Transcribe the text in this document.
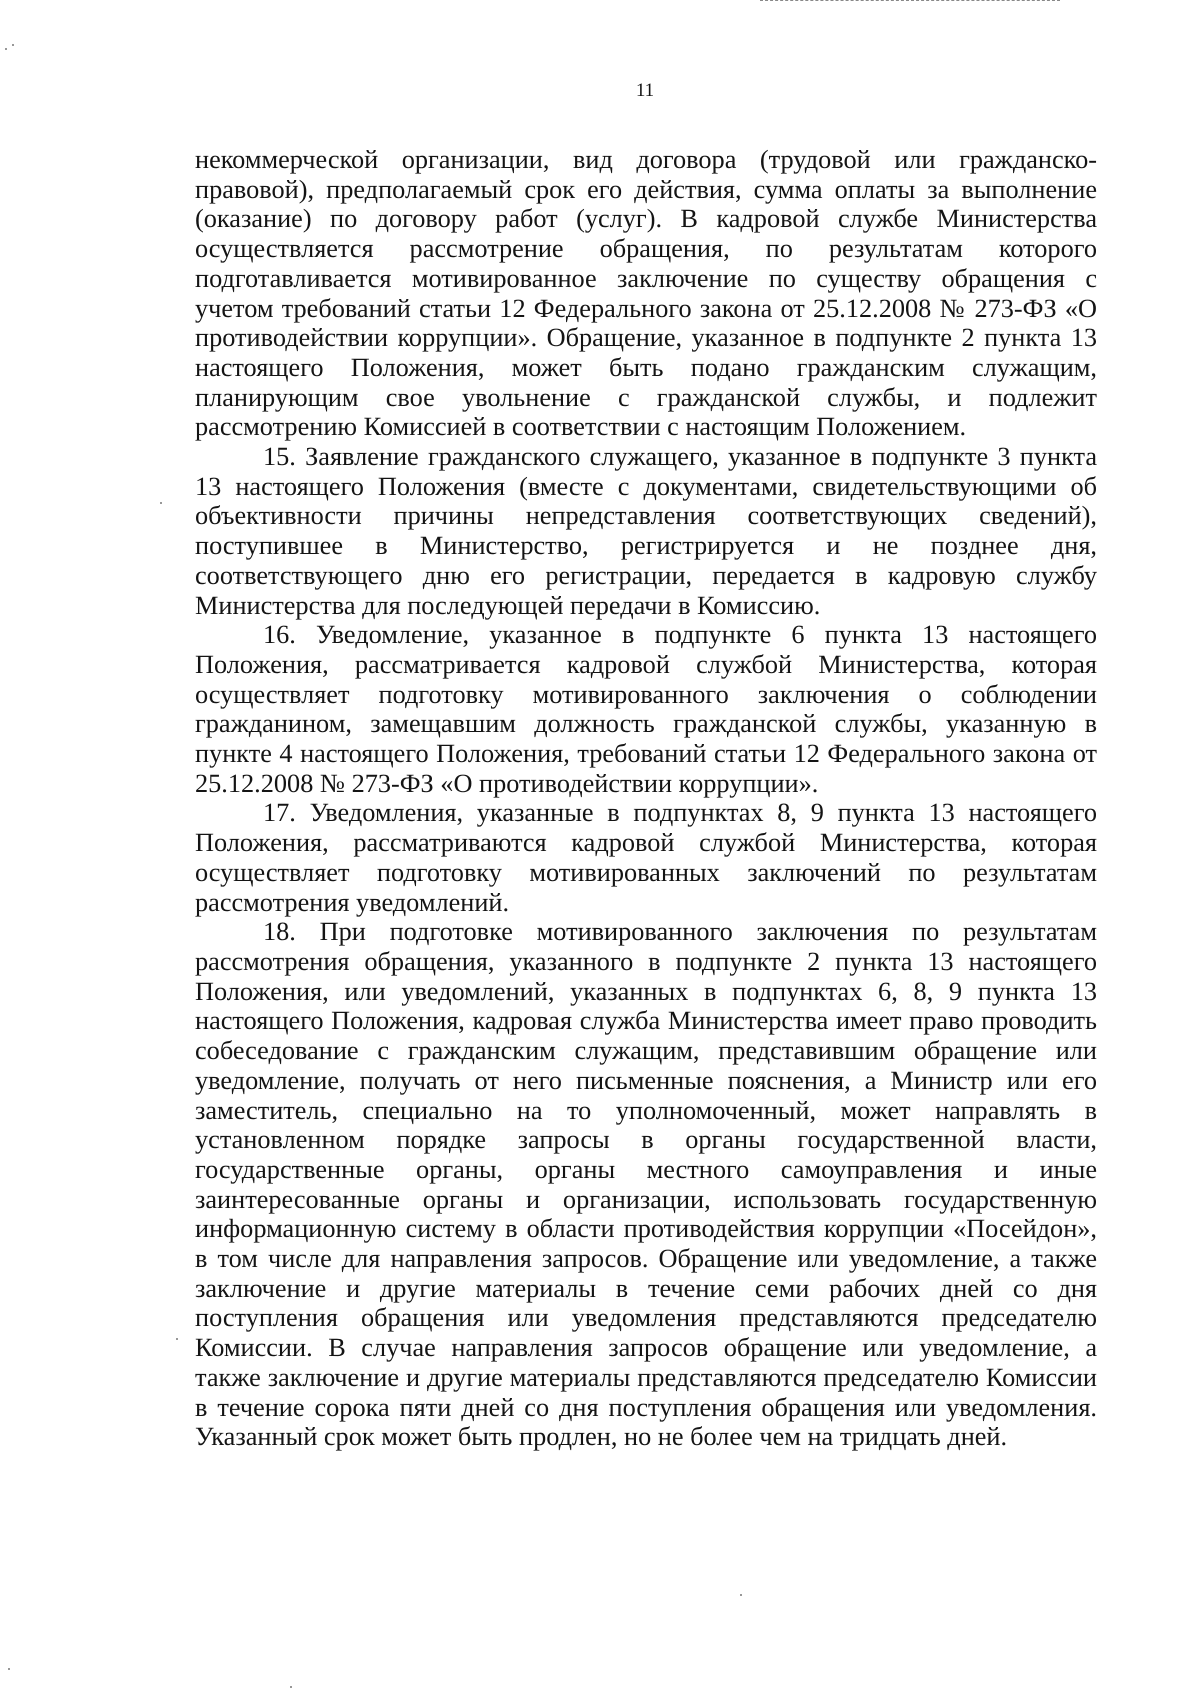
11

некоммерческой организации, вид договора (трудовой или гражданско-правовой), предполагаемый срок его действия, сумма оплаты за выполнение (оказание) по договору работ (услуг). В кадровой службе Министерства осуществляется рассмотрение обращения, по результатам которого подготавливается мотивированное заключение по существу обращения с учетом требований статьи 12 Федерального закона от 25.12.2008 № 273-ФЗ «О противодействии коррупции». Обращение, указанное в подпункте 2 пункта 13 настоящего Положения, может быть подано гражданским служащим, планирующим свое увольнение с гражданской службы, и подлежит рассмотрению Комиссией в соответствии с настоящим Положением.

15. Заявление гражданского служащего, указанное в подпункте 3 пункта 13 настоящего Положения (вместе с документами, свидетельствующими об объективности причины непредставления соответствующих сведений), поступившее в Министерство, регистрируется и не позднее дня, соответствующего дню его регистрации, передается в кадровую службу Министерства для последующей передачи в Комиссию.

16. Уведомление, указанное в подпункте 6 пункта 13 настоящего Положения, рассматривается кадровой службой Министерства, которая осуществляет подготовку мотивированного заключения о соблюдении гражданином, замещавшим должность гражданской службы, указанную в пункте 4 настоящего Положения, требований статьи 12 Федерального закона от 25.12.2008 № 273-ФЗ «О противодействии коррупции».

17. Уведомления, указанные в подпунктах 8, 9 пункта 13 настоящего Положения, рассматриваются кадровой службой Министерства, которая осуществляет подготовку мотивированных заключений по результатам рассмотрения уведомлений.

18. При подготовке мотивированного заключения по результатам рассмотрения обращения, указанного в подпункте 2 пункта 13 настоящего Положения, или уведомлений, указанных в подпунктах 6, 8, 9 пункта 13 настоящего Положения, кадровая служба Министерства имеет право проводить собеседование с гражданским служащим, представившим обращение или уведомление, получать от него письменные пояснения, а Министр или его заместитель, специально на то уполномоченный, может направлять в установленном порядке запросы в органы государственной власти, государственные органы, органы местного самоуправления и иные заинтересованные органы и организации, использовать государственную информационную систему в области противодействия коррупции «Посейдон», в том числе для направления запросов. Обращение или уведомление, а также заключение и другие материалы в течение семи рабочих дней со дня поступления обращения или уведомления представляются председателю Комиссии. В случае направления запросов обращение или уведомление, а также заключение и другие материалы представляются председателю Комиссии в течение сорока пяти дней со дня поступления обращения или уведомления. Указанный срок может быть продлен, но не более чем на тридцать дней.
